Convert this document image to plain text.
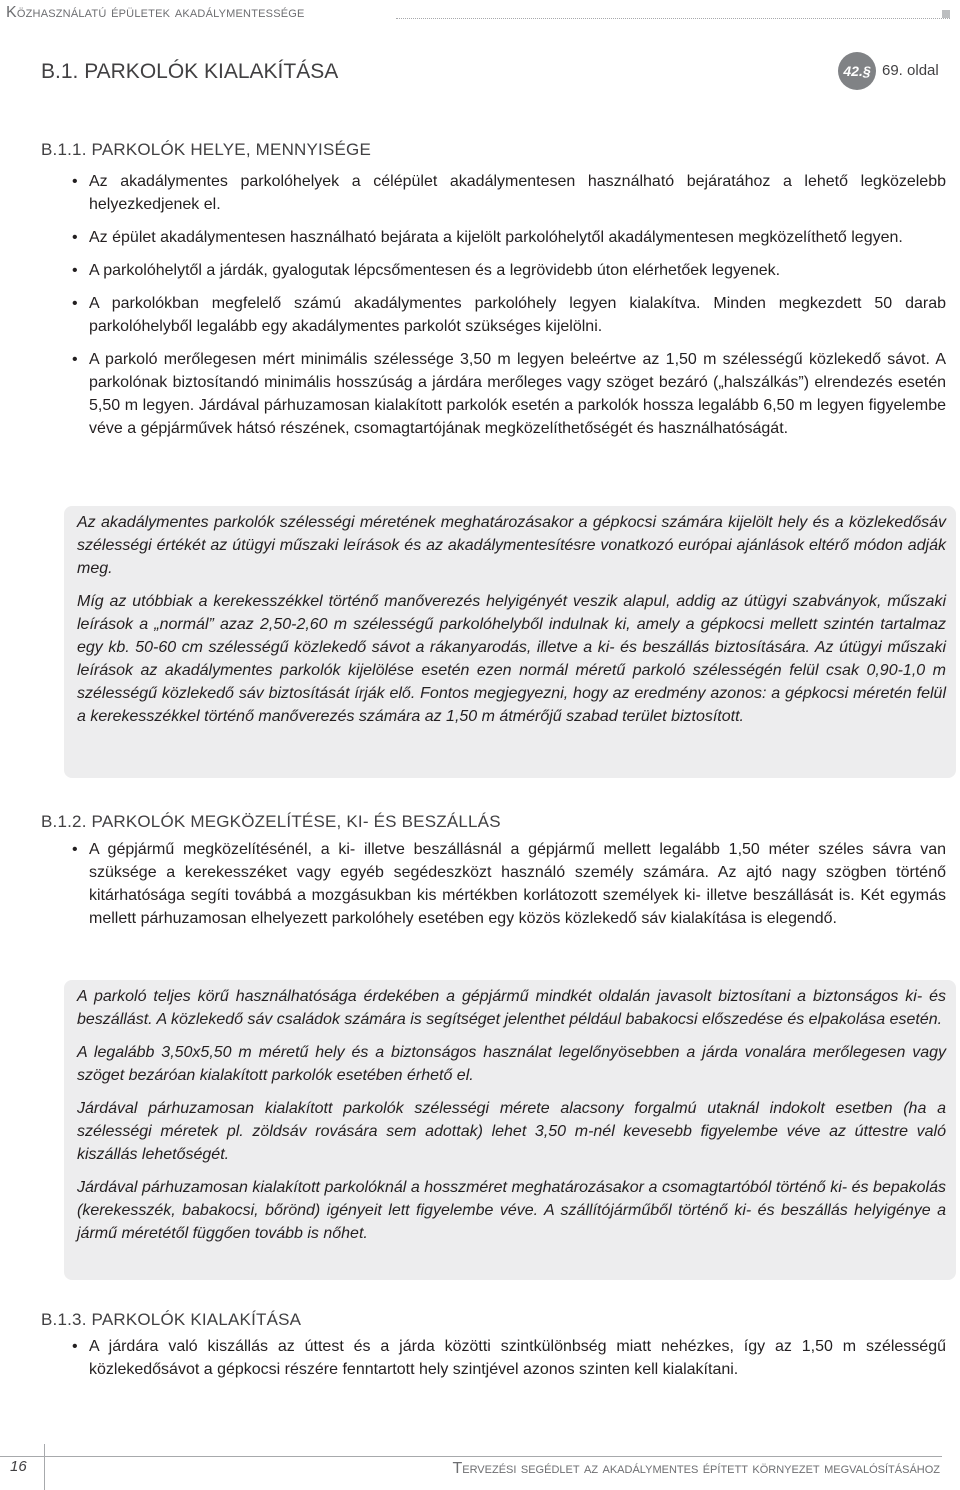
Közhasználatú épületek akadálymentessége
B.1. PARKOLÓK KIALAKÍTÁSA	42.§ 69. oldal
B.1.1. PARKOLÓK HELYE, MENNYISÉGE
• Az akadálymentes parkolóhelyek a célépület akadálymentesen használható bejáratához a lehető legközelebb helyezkedjenek el.
• Az épület akadálymentesen használható bejárata a kijelölt parkolóhelytől akadálymentesen megközelíthető legyen.
• A parkolóhelytől a járdák, gyalogutak lépcsőmentesen és a legrövidebb úton elérhetőek legyenek.
• A parkolókban megfelelő számú akadálymentes parkolóhely legyen kialakítva. Minden megkezdett 50 darab parkolóhelyből legalább egy akadálymentes parkolót szükséges kijelölni.
• A parkoló merőlegesen mért minimális szélessége 3,50 m legyen beleértve az 1,50 m szélességű közlekedő sávot. A parkolónak biztosítandó minimális hosszúság a járdára merőleges vagy szöget bezáró („halszálkás”) elrendezés esetén 5,50 m legyen. Járdával párhuzamosan kialakított parkolók esetén a parkolók hossza legalább 6,50 m legyen figyelembe véve a gépjárművek hátsó részének, csomagtartójának megközelíthetőségét és használhatóságát.

Az akadálymentes parkolók szélességi méretének meghatározásakor a gépkocsi számára kijelölt hely és a közlekedősáv szélességi értékét az útügyi műszaki leírások és az akadálymentesítésre vonatkozó európai ajánlások eltérő módon adják meg.

Míg az utóbbiak a kerekesszékkel történő manőverezés helyigényét veszik alapul, addig az útügyi szabványok, műszaki leírások a „normál” azaz 2,50-2,60 m szélességű parkolóhelyből indulnak ki, amely a gépkocsi mellett szintén tartalmaz egy kb. 50-60 cm szélességű közlekedő sávot a rákanyarodás, illetve a ki- és beszállás biztosítására. Az útügyi műszaki leírások az akadálymentes parkolók kijelölése esetén ezen normál méretű parkoló szélességén felül csak 0,90-1,0 m szélességű közlekedő sáv biztosítását írják elő. Fontos megjegyezni, hogy az eredmény azonos: a gépkocsi méretén felül a kerekesszékkel történő manőverezés számára az 1,50 m átmérőjű szabad terület biztosított.

B.1.2. PARKOLÓK MEGKÖZELÍTÉSE, KI- ÉS BESZÁLLÁS
• A gépjármű megközelítésénél, a ki- illetve beszállásnál a gépjármű mellett legalább 1,50 méter széles sávra van szüksége a kerekesszéket vagy egyéb segédeszközt használó személy számára. Az ajtó nagy szögben történő kitárhatósága segíti továbbá a mozgásukban kis mértékben korlátozott személyek ki- illetve beszállását is. Két egymás mellett párhuzamosan elhelyezett parkolóhely esetében egy közös közlekedő sáv kialakítása is elegendő.

A parkoló teljes körű használhatósága érdekében a gépjármű mindkét oldalán javasolt biztosítani a biztonságos ki- és beszállást. A közlekedő sáv családok számára is segítséget jelenthet például babakocsi előszedése és elpakolása esetén.

A legalább 3,50x5,50 m méretű hely és a biztonságos használat legelőnyösebben a járda vonalára merőlegesen vagy szöget bezáróan kialakított parkolók esetében érhető el.

Járdával párhuzamosan kialakított parkolók szélességi mérete alacsony forgalmú utaknál indokolt esetben (ha a szélességi méretek pl. zöldsáv rovására sem adottak) lehet 3,50 m-nél kevesebb figyelembe véve az úttestre való kiszállás lehetőségét.

Járdával párhuzamosan kialakított parkolóknál a hosszméret meghatározásakor a csomagtartóból történő ki- és bepakolás (kerekesszék, babakocsi, bőrönd) igényeit lett figyelembe véve. A szállítójárműből történő ki- és beszállás helyigénye a jármű méretétől függően tovább is nőhet.

B.1.3. PARKOLÓK KIALAKÍTÁSA
• A járdára való kiszállás az úttest és a járda közötti szintkülönbség miatt nehézkes, így az 1,50 m szélességű közlekedősávot a gépkocsi részére fenntartott hely szintjével azonos szinten kell kialakítani.
16	Tervezési segédlet az akadálymentes épített környezet megvalósításához
